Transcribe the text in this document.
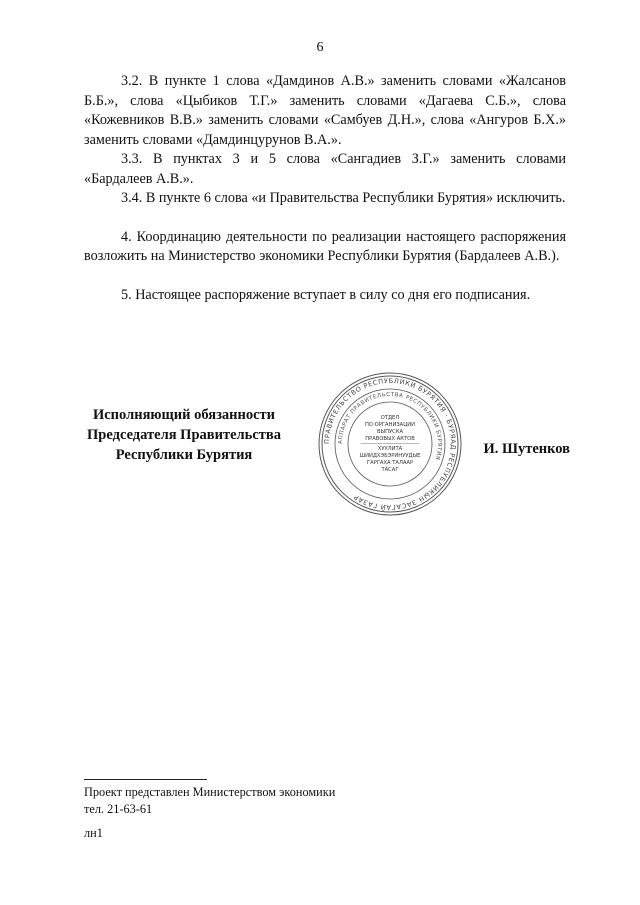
6

3.2. В пункте 1 слова «Дамдинов А.В.» заменить словами «Жалсанов Б.Б.», слова «Цыбиков Т.Г.» заменить словами «Дагаева С.Б.», слова «Кожевников В.В.» заменить словами «Самбуев Д.Н.», слова «Ангуров Б.Х.» заменить словами «Дамдинцурунов В.А.».

3.3. В пунктах 3 и 5 слова «Сангадиев З.Г.» заменить словами «Бардалеев А.В.».

3.4. В пункте 6 слова «и Правительства Республики Бурятия» исключить.

4. Координацию деятельности по реализации настоящего распоряжения возложить на Министерство экономики Республики Бурятия (Бардалеев А.В.).

5. Настоящее распоряжение вступает в силу со дня его подписания.

Исполняющий обязанности
Председателя Правительства
Республики Бурятия
ПРАВИТЕЛЬСТВО РЕСПУБЛИКИ БУРЯТИЯ · БУРЯАД РЕСПУБЛИКЫН ЗАСАГАЙ ГАЗАР
АППАРАТ ПРАВИТЕЛЬСТВА РЕСПУБЛИКИ БУРЯТИЯ
ОТДЕЛ
ПО ОРГАНИЗАЦИИ
ВЫПУСКА
ПРАВОВЫХ АКТОВ
ХУУЛИТА
ШИИДХЭБЭРИНУУДЫЕ
ГАРГАХА ТАЛААР
ТАСАГ
И. Шутенков
Проект представлен Министерством экономики
тел. 21-63-61
лн1
